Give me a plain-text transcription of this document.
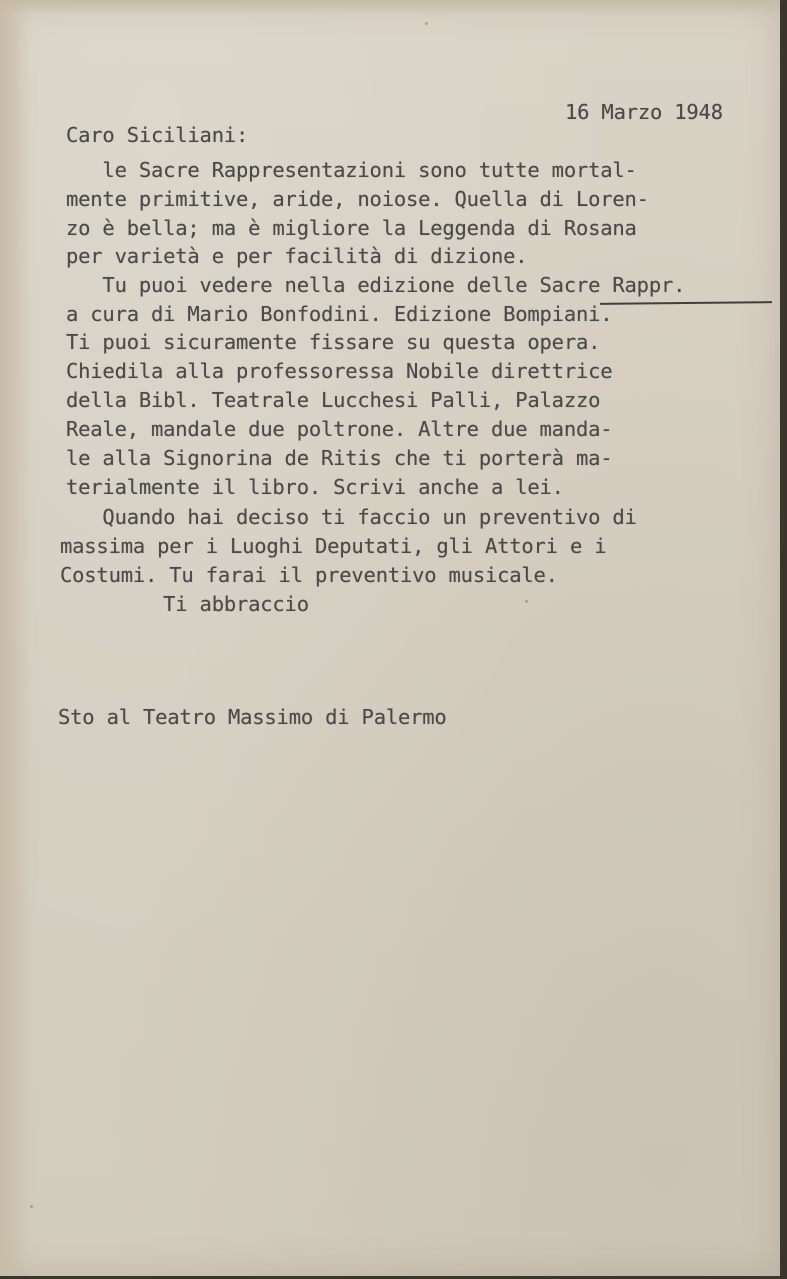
16 Marzo 1948
Caro Siciliani:
le Sacre Rappresentazioni sono tutte mortal-
mente primitive, aride, noiose. Quella di Loren-
zo è bella; ma è migliore la Leggenda di Rosana
per varietà e per facilità di dizione.
Tu puoi vedere nella edizione delle Sacre Rappr.
a cura di Mario Bonfodini. Edizione Bompiani.
Ti puoi sicuramente fissare su questa opera.
Chiedila alla professoressa Nobile direttrice
della Bibl. Teatrale Lucchesi Palli, Palazzo
Reale, mandale due poltrone. Altre due manda-
le alla Signorina de Ritis che ti porterà ma-
terialmente il libro. Scrivi anche a lei.
Quando hai deciso ti faccio un preventivo di
massima per i Luoghi Deputati, gli Attori e i
Costumi. Tu farai il preventivo musicale.
Ti abbraccio
Sto al Teatro Massimo di Palermo
